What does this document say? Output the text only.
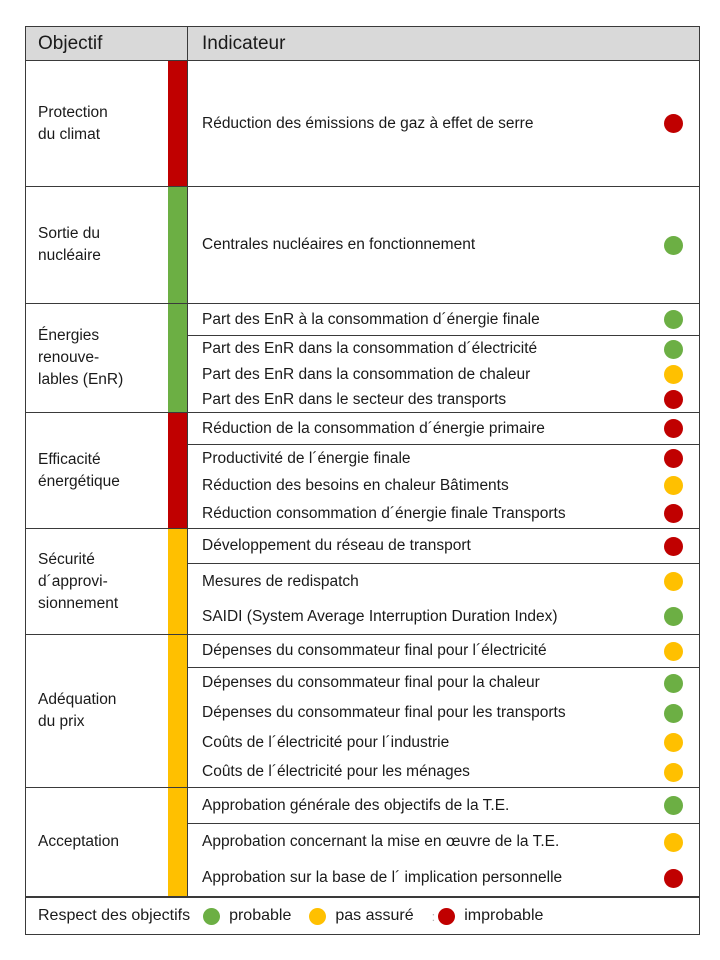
Objectif	Indicateur
Protection
du climat
Réduction des émissions de gaz à effet de serre
Sortie du
nucléaire
Centrales nucléaires en fonctionnement
Énergies
renouve-
lables (EnR)
Part des EnR à la consommation d´énergie finale
Part des EnR dans la consommation d´électricité
Part des EnR dans la consommation de chaleur
Part des EnR dans le secteur des transports
Efficacité
énergétique
Réduction de la consommation d´énergie primaire
Productivité de l´énergie finale
Réduction des besoins en chaleur Bâtiments
Réduction consommation d´énergie finale Transports
Sécurité
d´approvi-
sionnement
Développement du réseau de transport
Mesures de redispatch
SAIDI (System Average Interruption Duration Index)
Adéquation
du prix
Dépenses du consommateur final pour l´électricité
Dépenses du consommateur final pour la chaleur
Dépenses du consommateur final pour les transports
Coûts de l´électricité pour l´industrie
Coûts de l´électricité pour les ménages
Acceptation
Approbation générale des objectifs de la T.E.
Approbation concernant la mise en œuvre de la T.E.
Approbation sur la base de l´ implication personnelle
Respect des objectifs probable	pas assuré : improbable
